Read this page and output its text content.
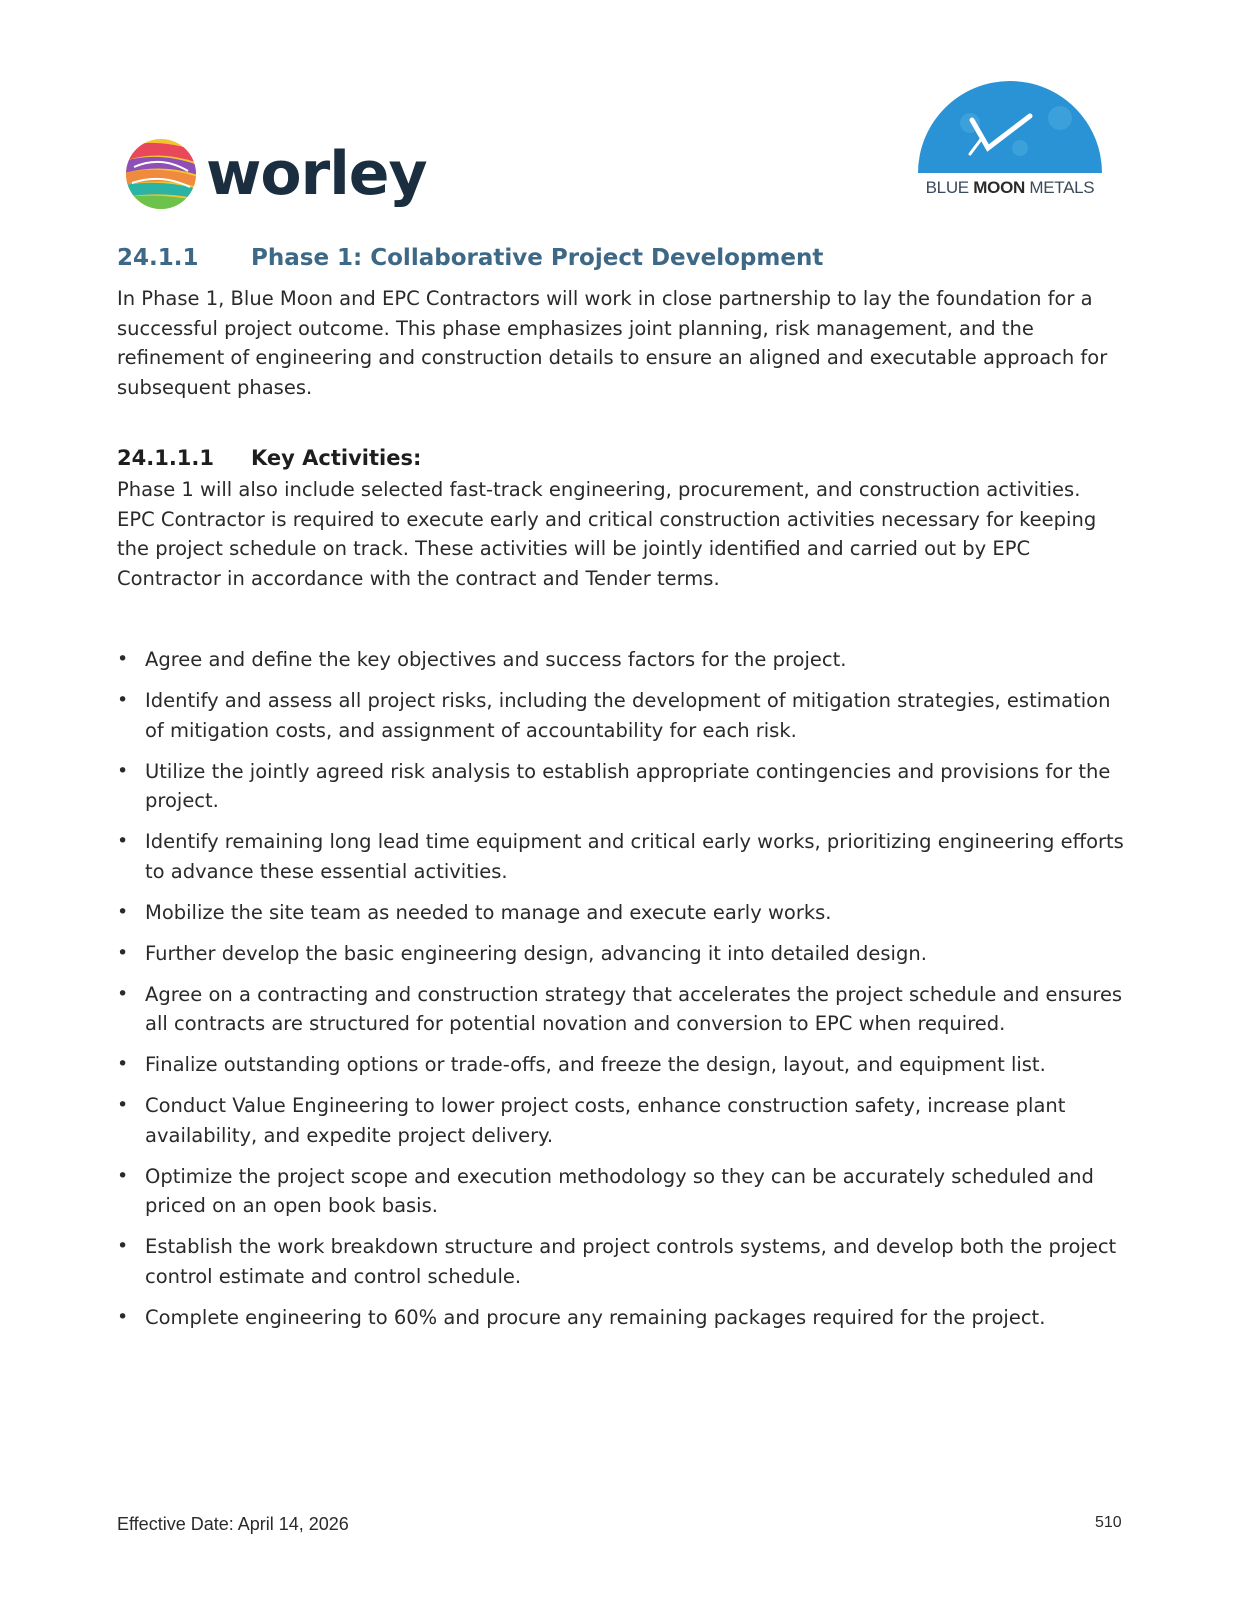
worley	BLUE MOON METALS
24.1.1	Phase 1: Collaborative Project Development
In Phase 1, Blue Moon and EPC Contractors will work in close partnership to lay the foundation for a successful project outcome. This phase emphasizes joint planning, risk management, and the refinement of engineering and construction details to ensure an aligned and executable approach for subsequent phases.
24.1.1.1	Key Activities:
Phase 1 will also include selected fast-track engineering, procurement, and construction activities. EPC Contractor is required to execute early and critical construction activities necessary for keeping the project schedule on track. These activities will be jointly identified and carried out by EPC Contractor in accordance with the contract and Tender terms.
• Agree and define the key objectives and success factors for the project.
• Identify and assess all project risks, including the development of mitigation strategies, estimation of mitigation costs, and assignment of accountability for each risk.
• Utilize the jointly agreed risk analysis to establish appropriate contingencies and provisions for the project.
• Identify remaining long lead time equipment and critical early works, prioritizing engineering efforts to advance these essential activities.
• Mobilize the site team as needed to manage and execute early works.
• Further develop the basic engineering design, advancing it into detailed design.
• Agree on a contracting and construction strategy that accelerates the project schedule and ensures all contracts are structured for potential novation and conversion to EPC when required.
• Finalize outstanding options or trade-offs, and freeze the design, layout, and equipment list.
• Conduct Value Engineering to lower project costs, enhance construction safety, increase plant availability, and expedite project delivery.
• Optimize the project scope and execution methodology so they can be accurately scheduled and priced on an open book basis.
• Establish the work breakdown structure and project controls systems, and develop both the project control estimate and control schedule.
• Complete engineering to 60% and procure any remaining packages required for the project.
Effective Date: April 14, 2026	510
